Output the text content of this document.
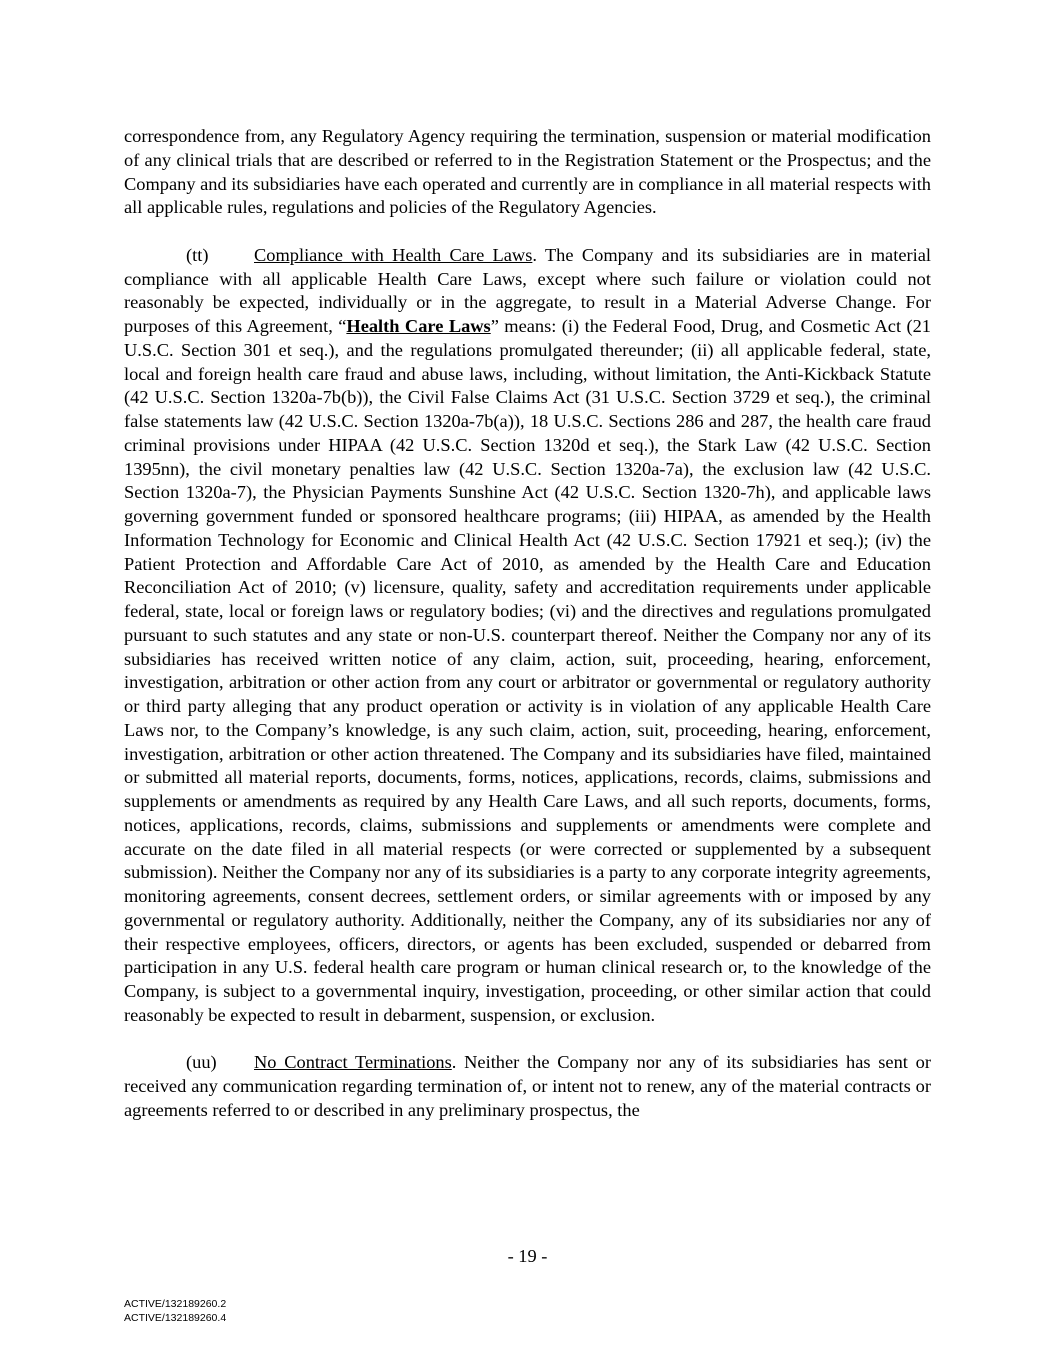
correspondence from, any Regulatory Agency requiring the termination, suspension or material modification of any clinical trials that are described or referred to in the Registration Statement or the Prospectus; and the Company and its subsidiaries have each operated and currently are in compliance in all material respects with all applicable rules, regulations and policies of the Regulatory Agencies.

(tt) Compliance with Health Care Laws. The Company and its subsidiaries are in material compliance with all applicable Health Care Laws, except where such failure or violation could not reasonably be expected, individually or in the aggregate, to result in a Material Adverse Change. For purposes of this Agreement, “Health Care Laws” means: (i) the Federal Food, Drug, and Cosmetic Act (21 U.S.C. Section 301 et seq.), and the regulations promulgated thereunder; (ii) all applicable federal, state, local and foreign health care fraud and abuse laws, including, without limitation, the Anti-Kickback Statute (42 U.S.C. Section 1320a-7b(b)), the Civil False Claims Act (31 U.S.C. Section 3729 et seq.), the criminal false statements law (42 U.S.C. Section 1320a-7b(a)), 18 U.S.C. Sections 286 and 287, the health care fraud criminal provisions under HIPAA (42 U.S.C. Section 1320d et seq.), the Stark Law (42 U.S.C. Section 1395nn), the civil monetary penalties law (42 U.S.C. Section 1320a-7a), the exclusion law (42 U.S.C. Section 1320a-7), the Physician Payments Sunshine Act (42 U.S.C. Section 1320-7h), and applicable laws governing government funded or sponsored healthcare programs; (iii) HIPAA, as amended by the Health Information Technology for Economic and Clinical Health Act (42 U.S.C. Section 17921 et seq.); (iv) the Patient Protection and Affordable Care Act of 2010, as amended by the Health Care and Education Reconciliation Act of 2010; (v) licensure, quality, safety and accreditation requirements under applicable federal, state, local or foreign laws or regulatory bodies; (vi) and the directives and regulations promulgated pursuant to such statutes and any state or non-U.S. counterpart thereof. Neither the Company nor any of its subsidiaries has received written notice of any claim, action, suit, proceeding, hearing, enforcement, investigation, arbitration or other action from any court or arbitrator or governmental or regulatory authority or third party alleging that any product operation or activity is in violation of any applicable Health Care Laws nor, to the Company’s knowledge, is any such claim, action, suit, proceeding, hearing, enforcement, investigation, arbitration or other action threatened. The Company and its subsidiaries have filed, maintained or submitted all material reports, documents, forms, notices, applications, records, claims, submissions and supplements or amendments as required by any Health Care Laws, and all such reports, documents, forms, notices, applications, records, claims, submissions and supplements or amendments were complete and accurate on the date filed in all material respects (or were corrected or supplemented by a subsequent submission). Neither the Company nor any of its subsidiaries is a party to any corporate integrity agreements, monitoring agreements, consent decrees, settlement orders, or similar agreements with or imposed by any governmental or regulatory authority. Additionally, neither the Company, any of its subsidiaries nor any of their respective employees, officers, directors, or agents has been excluded, suspended or debarred from participation in any U.S. federal health care program or human clinical research or, to the knowledge of the Company, is subject to a governmental inquiry, investigation, proceeding, or other similar action that could reasonably be expected to result in debarment, suspension, or exclusion.

(uu) No Contract Terminations. Neither the Company nor any of its subsidiaries has sent or received any communication regarding termination of, or intent not to renew, any of the material contracts or agreements referred to or described in any preliminary prospectus, the

- 19 -
ACTIVE/132189260.2
ACTIVE/132189260.4
